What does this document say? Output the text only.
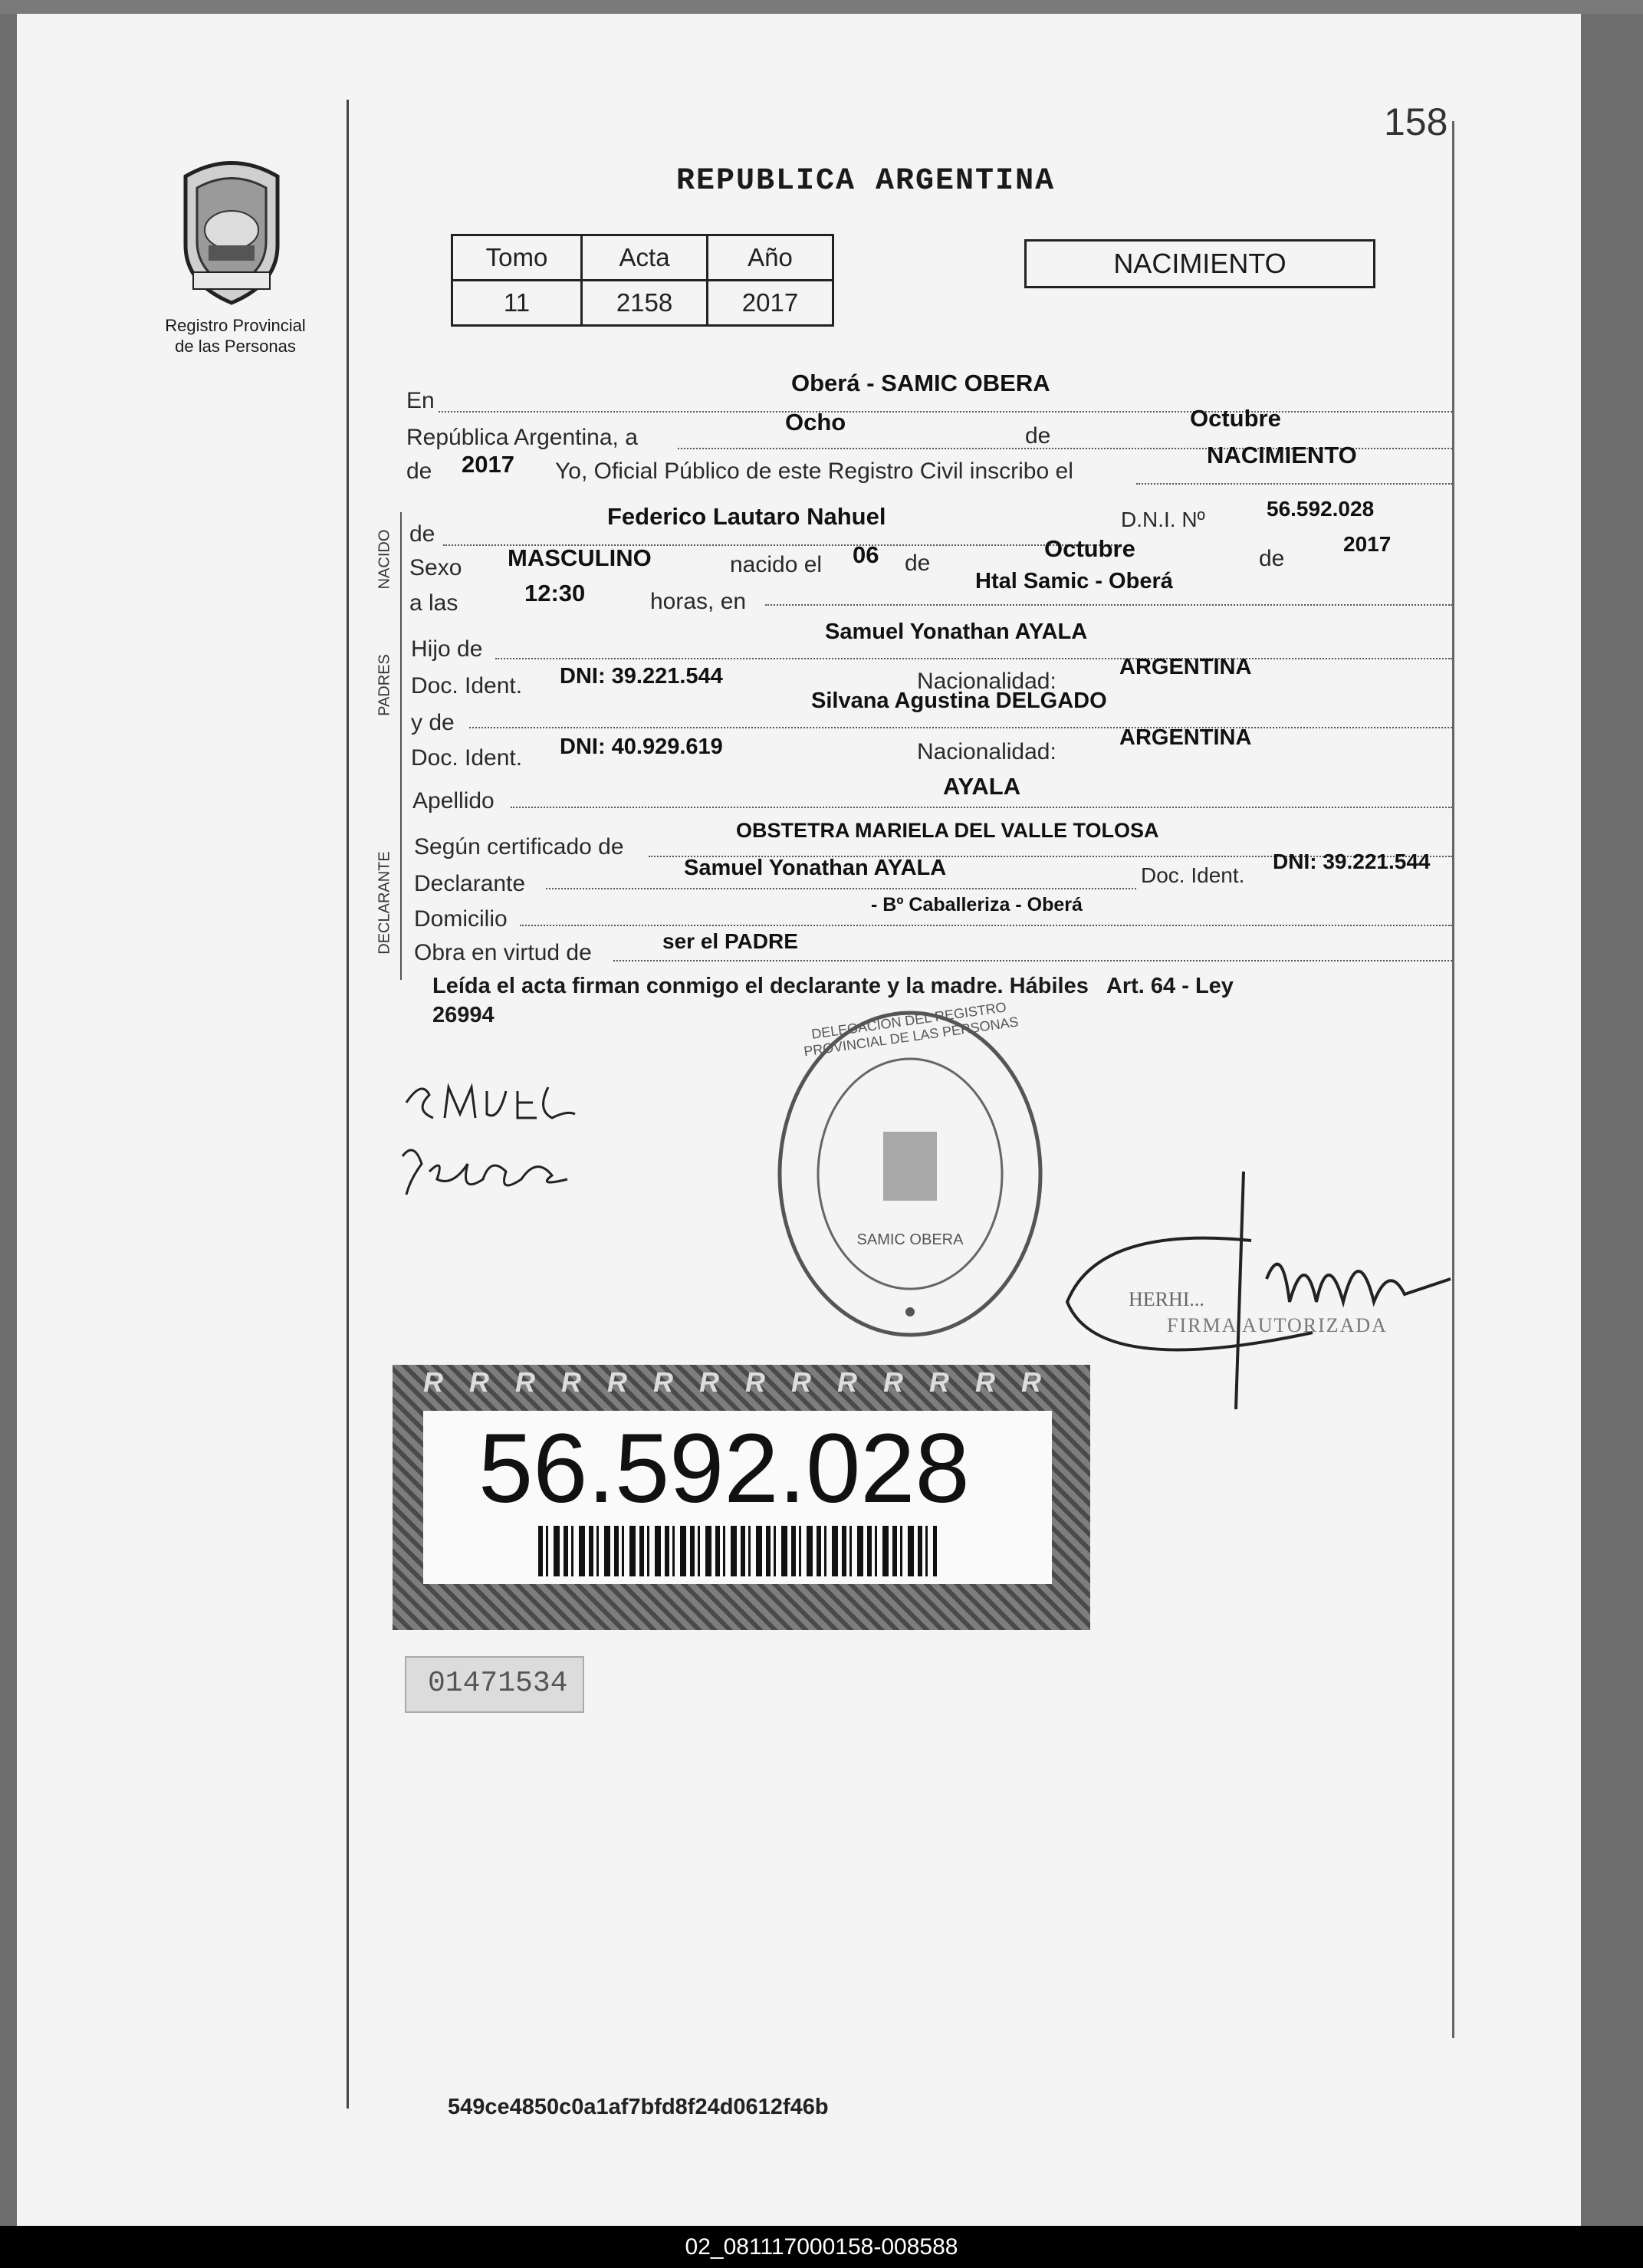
158
Registro Provincial
de las Personas
REPUBLICA ARGENTINA
Tomo	Acta	Año
11	2158	2017
NACIMIENTO
En
Oberá - SAMIC OBERA
República Argentina, a
Ocho
de
Octubre
de 2017 Yo, Oficial Público de este Registro Civil inscribo el
NACIMIENTO
NACIDO de
Federico Lautaro Nahuel	D.N.I. Nº	56.592.028
Sexo MASCULINO	nacido el 06 de
Octubre	de
2017
a las	12:30	horas, en
Htal Samic - Oberá
PADRES
Hijo de
Samuel Yonathan AYALA
Doc. Ident. DNI: 39.221.544	Nacionalidad:
ARGENTINA
y de
Silvana Agustina DELGADO
Doc. Ident. DNI: 40.929.619	Nacionalidad:
ARGENTINA
Apellido
AYALA
DECLARANTE
Según certificado de
OBSTETRA MARIELA DEL VALLE TOLOSA
Declarante
Samuel Yonathan AYALA	Doc. Ident.
DNI: 39.221.544
Domicilio
- Bº Caballeriza - Oberá
Obra en virtud de	ser el PADRE
Leída el acta firman conmigo el declarante y la madre. Hábiles   Art. 64 - Ley
26994	DELEGACIÓN DEL REGISTRO PROVINCIAL DE LAS PERSONAS
SAMIC OBERA
HERHI...
FIRMA AUTORIZADA
R R R R R R R R R R R R R R
56.592.028
01471534
549ce4850c0a1af7bfd8f24d0612f46b
02_081117000158-008588
